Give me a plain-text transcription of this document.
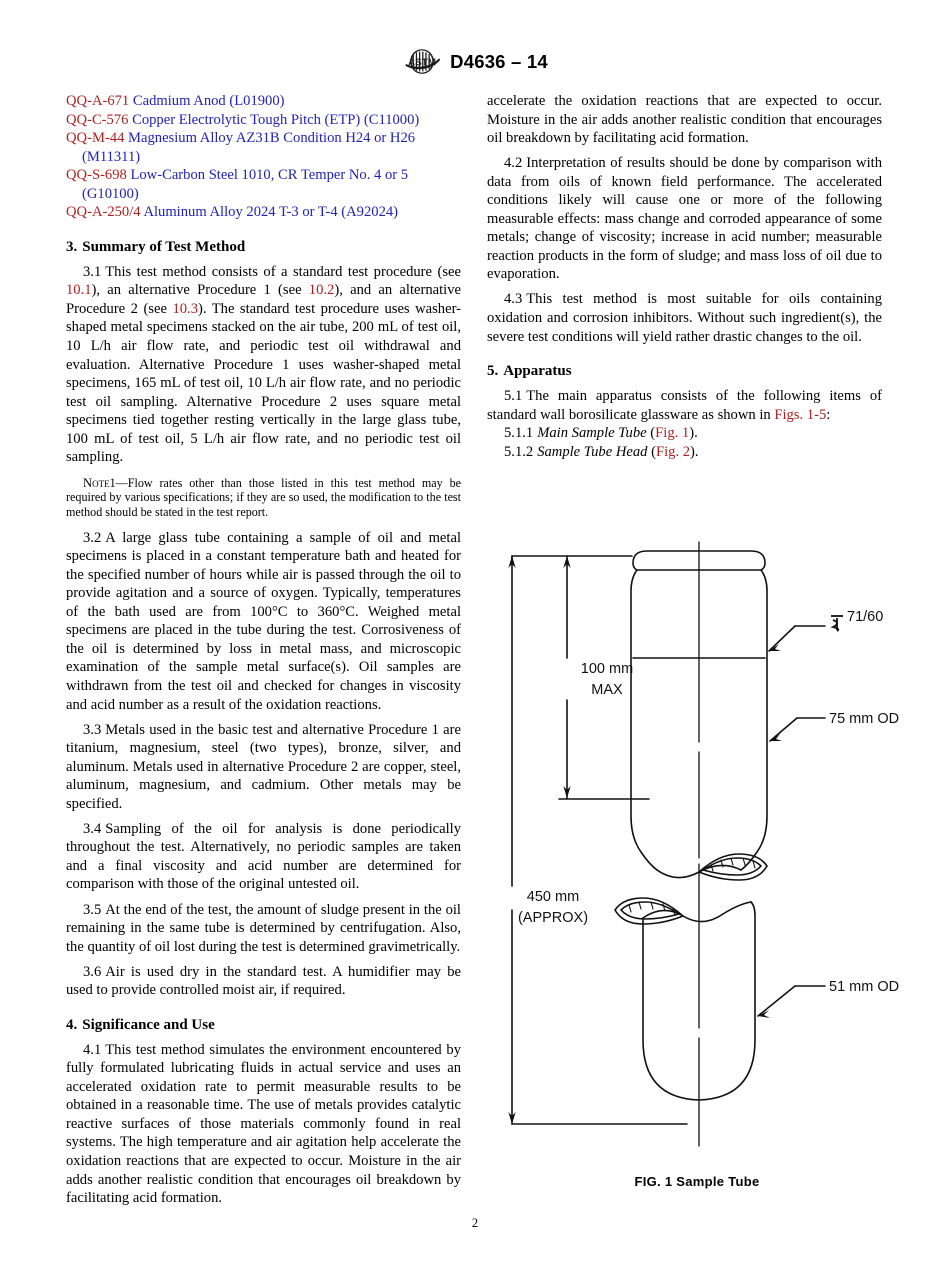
ASTM D4636 – 14
QQ-A-671 Cadmium Anod (L01900)
QQ-C-576 Copper Electrolytic Tough Pitch (ETP) (C11000)
QQ-M-44 Magnesium Alloy AZ31B Condition H24 or H26 (M11311)
QQ-S-698 Low-Carbon Steel 1010, CR Temper No. 4 or 5 (G10100)
QQ-A-250/4 Aluminum Alloy 2024 T-3 or T-4 (A92024)
3. Summary of Test Method

3.1 This test method consists of a standard test procedure (see 10.1), an alternative Procedure 1 (see 10.2), and an alternative Procedure 2 (see 10.3). The standard test procedure uses washer-shaped metal specimens stacked on the air tube, 200 mL of test oil, 10 L/h air flow rate, and periodic test oil withdrawal and evaluation. Alternative Procedure 1 uses washer-shaped metal specimens, 165 mL of test oil, 10 L/h air flow rate, and no periodic test oil sampling. Alternative Procedure 2 uses square metal specimens tied together resting vertically in the large glass tube, 100 mL of test oil, 5 L/h air flow rate, and no periodic test oil sampling.

Note1—Flow rates other than those listed in this test method may be required by various specifications; if they are so used, the modification to the test method should be stated in the test report.

3.2 A large glass tube containing a sample of oil and metal specimens is placed in a constant temperature bath and heated for the specified number of hours while air is passed through the oil to provide agitation and a source of oxygen. Typically, temperatures of the bath used are from 100°C to 360°C. Weighed metal specimens are placed in the tube during the test. Corrosiveness of the oil is determined by loss in metal mass, and microscopic examination of the sample metal surface(s). Oil samples are withdrawn from the test oil and checked for changes in viscosity and acid number as a result of the oxidation reactions.

3.3 Metals used in the basic test and alternative Procedure 1 are titanium, magnesium, steel (two types), bronze, silver, and aluminum. Metals used in alternative Procedure 2 are copper, steel, aluminum, magnesium, and cadmium. Other metals may be specified.

3.4 Sampling of the oil for analysis is done periodically throughout the test. Alternatively, no periodic samples are taken and a final viscosity and acid number are determined for comparison with those of the original untested oil.

3.5 At the end of the test, the amount of sludge present in the oil remaining in the same tube is determined by centrifugation. Also, the quantity of oil lost during the test is determined gravimetrically.

3.6 Air is used dry in the standard test. A humidifier may be used to provide controlled moist air, if required.

4. Significance and Use

4.1 This test method simulates the environment encountered by fully formulated lubricating fluids in actual service and uses an accelerated oxidation rate to permit measurable results to be obtained in a reasonable time. The use of metals provides catalytic reactive surfaces of those materials commonly found in real systems. The high temperature and air agitation help accelerate the oxidation reactions that are expected to occur. Moisture in the air adds another realistic condition that encourages oil breakdown by facilitating acid formation.

accelerate the oxidation reactions that are expected to occur. Moisture in the air adds another realistic condition that encourages oil breakdown by facilitating acid formation.

4.2 Interpretation of results should be done by comparison with data from oils of known field performance. The accelerated conditions likely will cause one or more of the following measurable effects: mass change and corroded appearance of some metals; change of viscosity; increase in acid number; measurable reaction products in the form of sludge; and mass loss of oil due to evaporation.

4.3 This test method is most suitable for oils containing oxidation and corrosion inhibitors. Without such ingredient(s), the severe test conditions will yield rather drastic changes to the oil.

5. Apparatus

5.1 The main apparatus consists of the following items of standard wall borosilicate glassware as shown in Figs. 1-5:

5.1.1 Main Sample Tube (Fig. 1).

5.1.2 Sample Tube Head (Fig. 2).

100 mm
MAX
450 mm
(APPROX)
71/60
75 mm OD
51 mm OD
FIG. 1 Sample Tube
2
